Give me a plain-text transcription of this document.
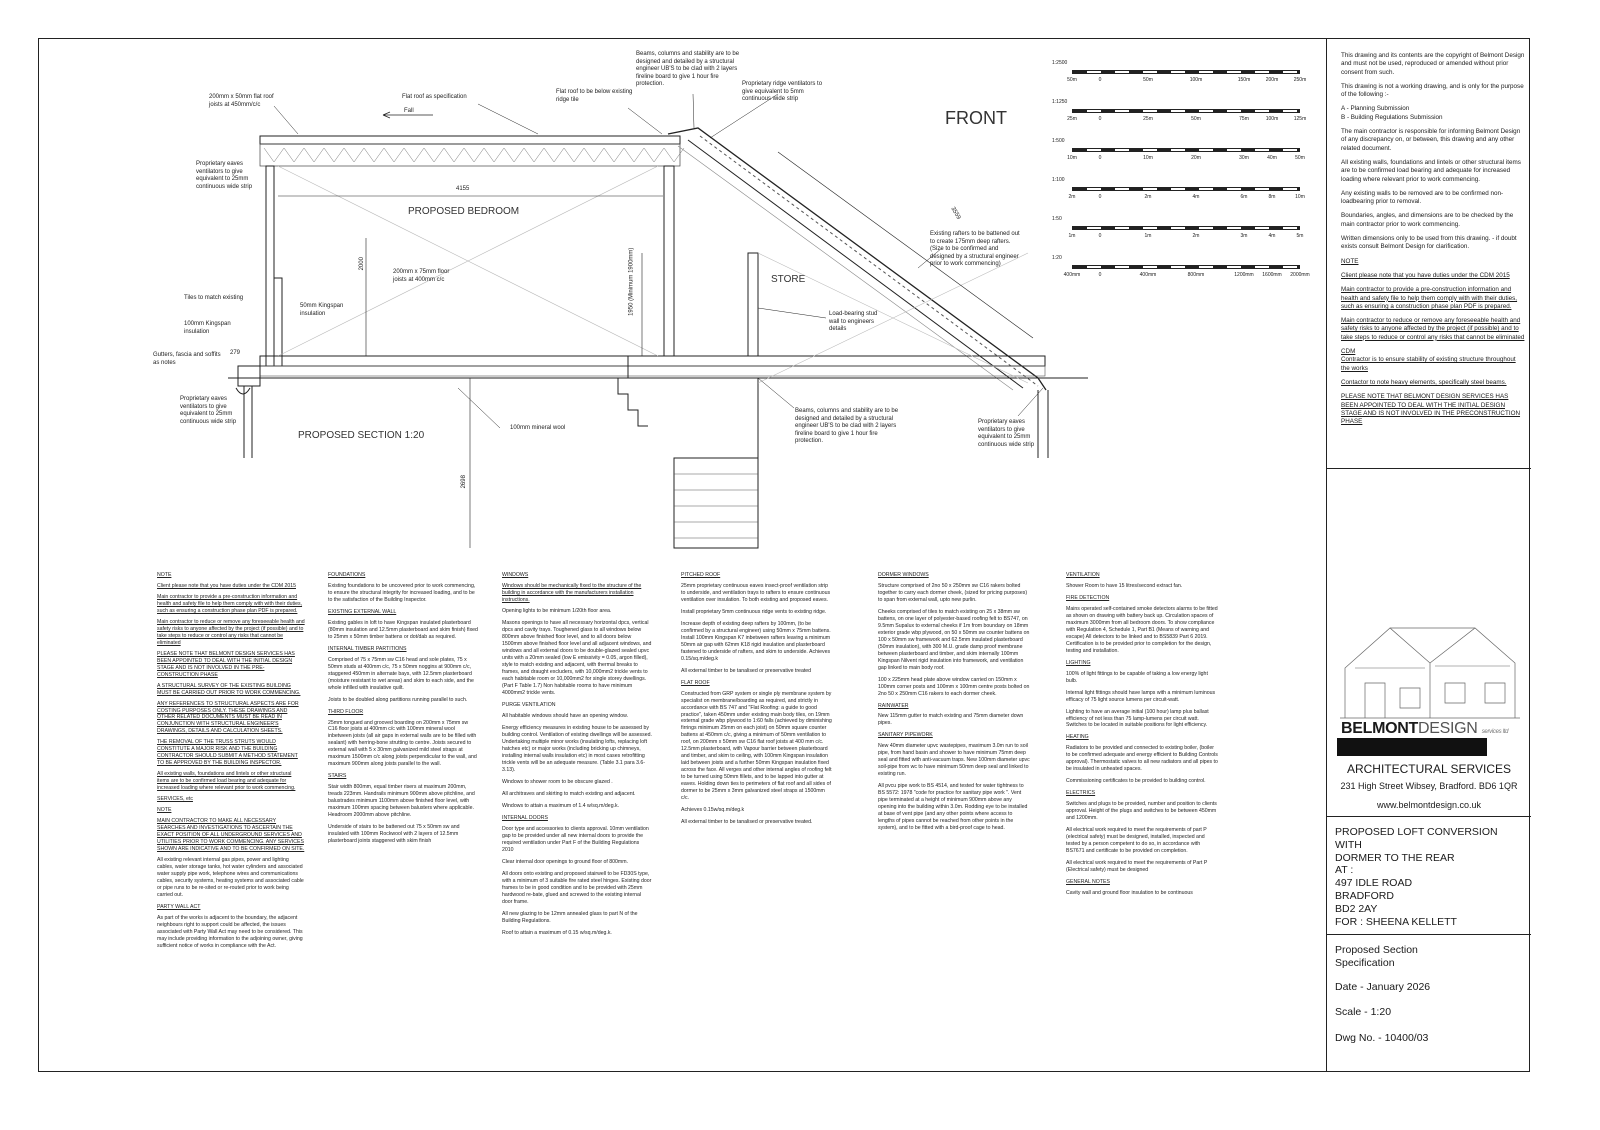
FRONT
PROPOSED BEDROOM
STORE
PROPOSED SECTION 1:20
4155
3559
2000	1950 (Minimum 1900mm)
2698
279
Fall
200mm x 50mm flat roof joists at 450mm/c/c
Flat roof as specification
Flat roof to be below existing ridge tile
Beams, columns and stability are to be designed and detailed by a structural engineer UB'S to be clad with 2 layers fireline board to give 1 hour fire protection.	Proprietary ridge ventilators to give equivalent to 5mm continuous wide strip
Proprietary eaves ventilators to give equivalent to 25mm continuous wide strip
Existing rafters to be battened out to create 175mm deep rafters. (Size to be confirmed and designed by a structural engineer prior to work commencing)
Tiles to match existing
100mm Kingspan insulation
50mm Kingspan insulation
200mm x 75mm floor joists at 400mm c/c
Gutters, fascia and soffits as notes
Proprietary eaves ventilators to give equivalent to 25mm continuous wide strip
Load-bearing stud wall to engineers details
100mm mineral wool
Beams, columns and stability are to be designed and detailed by a structural engineer UB'S to be clad with 2 layers fireline board to give 1 hour fire protection.
Proprietary eaves ventilators to give equivalent to 25mm continuous wide strip
1:2500
50m	0	50m	100m	150m	200m	250m
1:1250
25m	0	25m	50m	75m	100m	125m
1:500
10m	0	10m	20m	30m	40m	50m
1:100
2m	0	2m	4m	6m	8m	10m
1:50
1m	0	1m	2m	3m	4m	5m
1:20
400mm	0	400mm	800mm	1200mm 1600mm 2000mm

NOTE

Client please note that you have duties under the CDM 2015

Main contractor to provide a pre-construction information and health and safety file to help them comply with with their duties, such as ensuring a construction phase plan PDF is prepared.

Main contractor to reduce or remove any foreseeable health and safety risks to anyone affected by the project (if possible) and to take steps to reduce or control any risks that cannot be eliminated

PLEASE NOTE THAT BELMONT DESIGN SERVICES HAS BEEN APPOINTED TO DEAL WITH THE INITIAL DESIGN STAGE AND IS NOT INVOLVED IN THE PRE-CONSTRUCTION PHASE

A STRUCTURAL SURVEY OF THE EXISTING BUILDING MUST BE CARRIED OUT PRIOR TO WORK COMMENCING.

ANY REFERENCES TO STRUCTURAL ASPECTS ARE FOR COSTING PURPOSES ONLY. THESE DRAWINGS AND OTHER RELATED DOCUMENTS MUST BE READ IN CONJUNCTION WITH STRUCTURAL ENGINEER'S DRAWINGS, DETAILS AND CALCULATION SHEETS.

THE REMOVAL OF THE TRUSS STRUTS WOULD CONSTITUTE A MAJOR RISK AND THE BUILDING CONTRACTOR SHOULD SUBMIT A METHOD STATEMENT TO BE APPROVED BY THE BUILDING INSPECTOR.

All existing walls, foundations and lintels or other structural items are to be confirmed load bearing and adequate for increased loading where relevant prior to work commencing.

SERVICES, etc

NOTE

MAIN CONTRACTOR TO MAKE ALL NECESSARY SEARCHES AND INVESTIGATIONS TO ASCERTAIN THE EXACT POSITION OF ALL UNDERGROUND SERVICES AND UTILITIES PRIOR TO WORK COMMENCING. ANY SERVICES SHOWN ARE INDICATIVE AND TO BE CONFIRMED ON SITE.

All existing relevant internal gas pipes, power and lighting cables, water storage tanks, hot water cylinders and associated water supply pipe work, telephone wires and communications cables, security systems, heating systems and associated cable or pipe runs to be re-sited or re-routed prior to work being carried out.

PARTY WALL ACT

As part of the works is adjacent to the boundary, the adjacent neighbours right to support could be affected, the issues associated with Party Wall Act may need to be considered. This may include providing information to the adjoining owner, giving sufficient notice of works in compliance with the Act.

FOUNDATIONS

Existing foundations to be uncovered prior to work commencing, to ensure the structural integrity for increased loading, and to be to the satisfaction of the Building Inspector.

EXISTING EXTERNAL WALL

Existing gables in loft to have Kingspan insulated plasterboard (80mm insulation and 12.5mm plasterboard and skim finish) fixed to 25mm x 50mm timber battens or dot/dab as required.

INTERNAL TIMBER PARTITIONS

Comprised of 75 x 75mm sw C16 head and sole plates, 75 x 50mm studs at 400mm c/c, 75 x 50mm noggins at 900mm c/c, staggered 450mm in alternate bays, with 12.5mm plasterboard (moisture resistant to wet areas) and skim to each side, and the whole infilled with insulative quilt.

Joists to be doubled along partitions running parallel to such.

THIRD FLOOR

25mm tongued and grooved boarding on 200mm x 75mm sw C16 floor joists at 400mm c/c with 100mm mineral wool inbetween joists (all air gaps in external walls are to be filled with sealant) with herring-bone strutting to centre. Joists secured to external wall with 5 x 30mm galvanized mild steel straps at maximum 1500mm c/c along joists perpendicular to the wall, and maximum 900mm along joists parallel to the wall.

STAIRS

Stair width 800mm, equal timber risers at maximum 200mm, treads 223mm. Handrails minimum 900mm above pitchline, and balustrades minimum 1100mm above finished floor level, with maximum 100mm spacing between balusters where applicable. Headroom 2000mm above pitchline.

Underside of stairs to be battened out 75 x 50mm sw and insulated with 100mm Rockwool with 2 layers of 12.5mm plasterboard joints staggered with skim finish

WINDOWS

Windows should be mechanically fixed to the structure of the building in accordance with the manufacturers installation instructions.

Opening lights to be minimum 1/20th floor area.

Masons openings to have all necessary horizontal dpcs, vertical dpcs and cavity trays. Toughened glass to all windows below 800mm above finished floor level, and to all doors below 1500mm above finished floor level and all adjacent windows, and windows and all external doors to be double-glazed sealed upvc units with a 20mm sealed (low E emissivity = 0.05, argon filled), style to match existing and adjacent, with thermal breaks to frames, and draught excluders, with 10,000mm2 trickle vents to each habitable room or 10,000mm2 for single storey dwellings. (Part F Table 1.7) Non habitable rooms to have minimum 4000mm2 trickle vents.

PURGE VENTILATION

All habitable windows should have an opening window.

Energy efficiency measures in existing house to be assessed by building control. Ventilation of existing dwellings will be assessed. Undertaking multiple minor works (insulating lofts, replacing loft hatches etc) or major works (including bricking up chimneys, installing internal walls insulation etc) in most cases retrofitting trickle vents will be an adequate measure. (Table 3.1 para 3.6-3.13).

Windows to shower room to be obscure glazed .

All architraves and skirting to match existing and adjacent.

Windows to attain a maximum of 1.4 w/sq.m/deg.k.

INTERNAL DOORS

Door type and accessories to clients approval. 10mm ventilation gap to be provided under all new internal doors to provide the required ventilation under Part F of the Building Regulations 2010

Clear internal door openings to ground floor of 800mm.

All doors onto existing and proposed stairwell to be FD30S type, with a minimum of 3 suitable fire rated steel hinges. Existing door frames to be in good condition and to be provided with 25mm hardwood re-bate, glued and screwed to the existing internal door frame.

All new glazing to be 12mm annealed glass to part N of the Building Regulations.

Roof to attain a maximum of 0.15 w/sq.m/deg.k.

PITCHED ROOF

25mm proprietary continuous eaves insect-proof ventilation strip to underside, and ventilation trays to rafters to ensure continuous ventilation over insulation. To both existing and proposed eaves.

Install proprietary 5mm continuous ridge vents to existing ridge.

Increase depth of existing deep rafters by 100mm, (to be confirmed by a structural engineer) using 50mm x 75mm battens. Install 100mm Kingspan K7 inbetween rafters leaving a minimum 50mm air gap with 62mm K18 rigid insulation and plasterboard fastened to underside of rafters, and skim to underside. Achieves 0.15/sq.m/deg.k

All external timber to be tanalised or preservative treated

FLAT ROOF

Constructed from GRP system or single ply membrane system by specialist on membrane/boarding as required, and strictly in accordance with BS 747 and "Flat Roofing: a guide to good practice", taken 450mm under existing main body tiles, on 19mm external grade wbp plywood to 1:60 falls (achieved by diminishing firrings minimum 25mm on each joist) on 50mm square counter battens at 450mm c/c, giving a minimum of 50mm ventilation to roof, on 200mm x 50mm sw C16 flat roof joists at 400 mm c/c. 12.5mm plasterboard, with Vapour barrier between plasterboard and timber, and skim to ceiling, with 100mm Kingspan insulation laid between joists and a further 50mm Kingspan insulation fixed across the face. All verges and other internal angles of roofing felt to be turned using 50mm fillets, and to be lapped into gutter at eaves. Holding down ties to perimeters of flat roof and all sides of dormer to be 25mm x 3mm galvanized steel straps at 1500mm c/c.

Achieves 0.15w/sq.m/deg.k

All external timber to be tanalised or preservative treated.

DORMER WINDOWS

Structure comprised of 2no 50 x 250mm sw C16 rakers bolted together to carry each dormer cheek, (sized for pricing purposes) to span from external wall, upto new purlin.

Cheeks comprised of tiles to match existing on 25 x 38mm sw battens, on one layer of polyester-based roofing felt to BS747, on 9.5mm Supalux to external cheeks if 1m from boundary on 18mm exterior grade wbp plywood, on 50 x 50mm sw counter battens on 100 x 50mm sw framework and 62.5mm insulated plasterboard (50mm insulation), with 300 M.U. grade damp proof membrane between plasterboard and timber, and skim internally 100mm Kingspan Nilvent rigid insulation into framework, and ventilation gap linked to main body roof.

100 x 225mm head plate above window carried on 150mm x 100mm corner posts and 100mm x 100mm centre posts bolted on 2no 50 x 250mm C16 rakers to each dormer cheek.

RAINWATER

New 115mm gutter to match existing and 75mm diameter down pipes.

SANITARY PIPEWORK

New 40mm diameter upvc wastepipes, maximum 3.0m run to soil pipe, from hand basin and shower to have minimum 75mm deep seal and fitted with anti-vacuum traps. New 100mm diameter upvc soil-pipe from wc to have minimum 50mm deep seal and linked to existing run.

All pvcu pipe work to BS 4514, and tested for water tightness to BS 5572: 1978 "code for practice for sanitary pipe work ". Vent pipe terminated at a height of minimum 900mm above any opening into the building within 3.0m. Rodding eye to be installed at base of vent pipe (and any other points where access to lengths of pipes cannot be reached from other points in the system), and to be fitted with a bird-proof cage to head.

VENTILATION

Shower Room to have 15 litres/second extract fan.

FIRE DETECTION

Mains operated self-contained smoke detectors alarms to be fitted as shown on drawing with battery back up. Circulation spaces of maximum 3000mm from all bedroom doors. To show compliance with Regulation 4, Schedule 1, Part B1 (Means of warning and escape) All detectors to be linked and to BS5839 Part 6 2019. Certification is to be provided prior to completion for the design, testing and installation.

LIGHTING

100% of light fittings to be capable of taking a low energy light bulb.

Internal light fittings should have lamps with a minimum luminous efficacy of 75 light source lumens per circuit-watt.

Lighting to have an average initial (100 hour) lamp plus ballast efficiency of not less than 75 lamp-lumens per circuit watt. Switches to be located in suitable positions for light efficiency.

HEATING

Radiators to be provided and connected to existing boiler, (boiler to be confirmed adequate and energy efficient to Building Controls approval). Thermostatic valves to all new radiators and all pipes to be insulated in unheated spaces.

Commissioning certificates to be provided to building control.

ELECTRICS

Switches and plugs to be provided, number and position to clients approval. Height of the plugs and switches to be between 450mm and 1200mm.

All electrical work required to meet the requirements of part P (electrical safety) must be designed, installed, inspected and tested by a person competent to do so, in accordance with BS7671 and certificate to be provided on completion.

All electrical work required to meet the requirements of Part P (Electrical safety) must be designed

GENERAL NOTES

Cavity wall and ground floor insulation to be continuous

This drawing and its contents are the copyright of Belmont Design and must not be used, reproduced or amended without prior consent from such.

This drawing is not a working drawing, and is only for the purpose of the following :-

A - Planning Submission

B - Building Regulations Submission

The main contractor is responsible for informing Belmont Design of any discrepancy on, or between, this drawing and any other related document.

All existing walls, foundations and lintels or other structural items are to be confirmed load bearing and adequate for increased loading where relevant prior to work commencing.

Any existing walls to be removed are to be confirmed non-loadbearing prior to removal.

Boundaries, angles, and dimensions are to be checked by the main contractor prior to work commencing.

Written dimensions only to be used from this drawing. - if doubt exists consult Belmont Design for clarification.

NOTE

Client please note that you have duties under the CDM 2015

Main contractor to provide a pre-construction information and health and safety file to help them comply with with their duties, such as ensuring a construction phase plan PDF is prepared.

Main contractor to reduce or remove any foreseeable health and safety risks to anyone affected by the project (if possible) and to take steps to reduce or control any risks that cannot be eliminated

CDM

Contractor is to ensure stability of existing structure throughout the works

Contactor to note heavy elements, specifically steel beams.

PLEASE NOTE THAT BELMONT DESIGN SERVICES HAS BEEN APPOINTED TO DEAL WITH THE INITIAL DESIGN STAGE AND IS NOT INVOLVED IN THE PRECONSTRUCTION PHASE

BELMONTDESIGN services ltd
ARCHITECTURAL SERVICES
231 High Street Wibsey, Bradford. BD6 1QR
www.belmontdesign.co.uk
PROPOSED LOFT CONVERSION WITH
DORMER TO THE REAR
AT :
497 IDLE ROAD
BRADFORD
BD2 2AY
FOR : SHEENA KELLETT
Proposed Section
Specification
Date - January 2026
Scale - 1:20
Dwg No. - 10400/03
